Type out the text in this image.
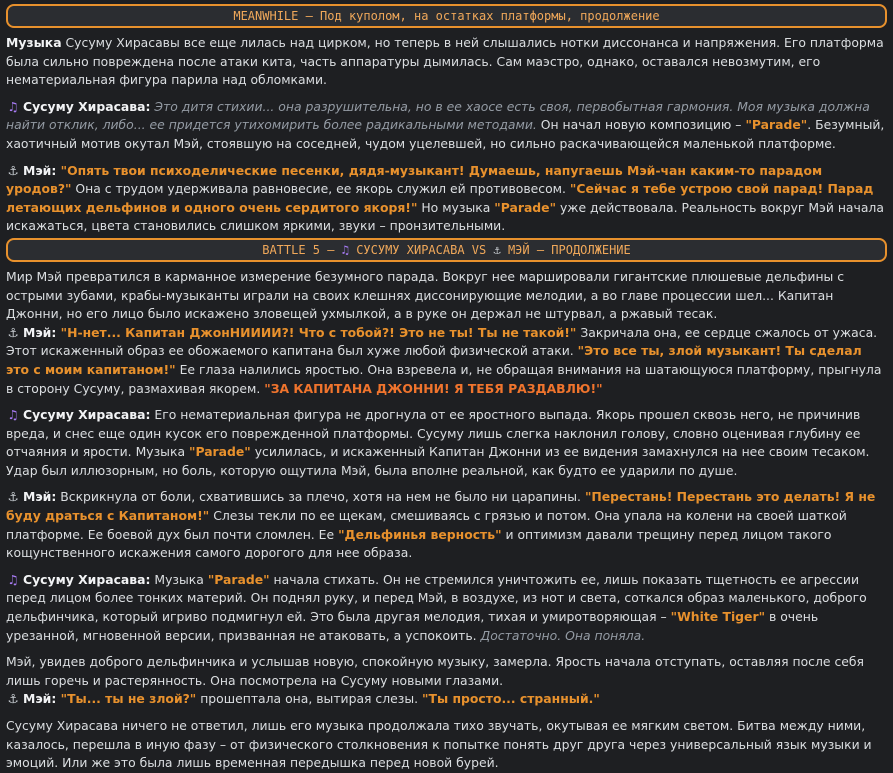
MEANWHILE – Под куполом, на остатках платформы, продолжение

Музыка Сусуму Хирасавы все еще лилась над цирком, но теперь в ней слышались нотки диссонанса и напряжения. Его платформа была сильно повреждена после атаки кита, часть аппаратуры дымилась. Сам маэстро, однако, оставался невозмутим, его нематериальная фигура парила над обломками.

♫ Сусуму Хирасава: Это дитя стихии... она разрушительна, но в ее хаосе есть своя, первобытная гармония. Моя музыка должна найти отклик, либо... ее придется утихомирить более радикальными методами. Он начал новую композицию – "Parade". Безумный, хаотичный мотив окутал Мэй, стоявшую на соседней, чудом уцелевшей, но сильно раскачивающейся маленькой платформе.

⚓ Мэй: "Опять твои психоделические песенки, дядя-музыкант! Думаешь, напугаешь Мэй-чан каким-то парадом уродов?" Она с трудом удерживала равновесие, ее якорь служил ей противовесом. "Сейчас я тебе устрою свой парад! Парад летающих дельфинов и одного очень сердитого якоря!" Но музыка "Parade" уже действовала. Реальность вокруг Мэй начала искажаться, цвета становились слишком яркими, звуки – пронзительными.

BATTLE 5 – ♫ СУСУМУ ХИРАСАВА VS ⚓ МЭЙ – ПРОДОЛЖЕНИЕ

Мир Мэй превратился в карманное измерение безумного парада. Вокруг нее маршировали гигантские плюшевые дельфины с острыми зубами, крабы-музыканты играли на своих клешнях диссонирующие мелодии, а во главе процессии шел... Капитан Джонни, но его лицо было искажено зловещей ухмылкой, а в руке он держал не штурвал, а ржавый тесак.

⚓ Мэй: "Н-нет... Капитан ДжонНИИИИ?! Что с тобой?! Это не ты! Ты не такой!" Закричала она, ее сердце сжалось от ужаса. Этот искаженный образ ее обожаемого капитана был хуже любой физической атаки. "Это все ты, злой музыкант! Ты сделал это с моим капитаном!" Ее глаза налились яростью. Она взревела и, не обращая внимания на шатающуюся платформу, прыгнула в сторону Сусуму, размахивая якорем. "ЗА КАПИТАНА ДЖОННИ! Я ТЕБЯ РАЗДАВЛЮ!"

♫ Сусуму Хирасава: Его нематериальная фигура не дрогнула от ее яростного выпада. Якорь прошел сквозь него, не причинив вреда, и снес еще один кусок его поврежденной платформы. Сусуму лишь слегка наклонил голову, словно оценивая глубину ее отчаяния и ярости. Музыка "Parade" усилилась, и искаженный Капитан Джонни из ее видения замахнулся на нее своим тесаком. Удар был иллюзорным, но боль, которую ощутила Мэй, была вполне реальной, как будто ее ударили по душе.

⚓ Мэй: Вскрикнула от боли, схватившись за плечо, хотя на нем не было ни царапины. "Перестань! Перестань это делать! Я не буду драться с Капитаном!" Слезы текли по ее щекам, смешиваясь с грязью и потом. Она упала на колени на своей шаткой платформе. Ее боевой дух был почти сломлен. Ее "Дельфинья верность" и оптимизм давали трещину перед лицом такого кощунственного искажения самого дорогого для нее образа.

♫ Сусуму Хирасава: Музыка "Parade" начала стихать. Он не стремился уничтожить ее, лишь показать тщетность ее агрессии перед лицом более тонких материй. Он поднял руку, и перед Мэй, в воздухе, из нот и света, соткался образ маленького, доброго дельфинчика, который игриво подмигнул ей. Это была другая мелодия, тихая и умиротворяющая – "White Tiger" в очень урезанной, мгновенной версии, призванная не атаковать, а успокоить. Достаточно. Она поняла.

Мэй, увидев доброго дельфинчика и услышав новую, спокойную музыку, замерла. Ярость начала отступать, оставляя после себя лишь горечь и растерянность. Она посмотрела на Сусуму новыми глазами.

⚓ Мэй: "Ты... ты не злой?" прошептала она, вытирая слезы. "Ты просто... странный."

Сусуму Хирасава ничего не ответил, лишь его музыка продолжала тихо звучать, окутывая ее мягким светом. Битва между ними, казалось, перешла в иную фазу – от физического столкновения к попытке понять друг друга через универсальный язык музыки и эмоций. Или же это была лишь временная передышка перед новой бурей.
